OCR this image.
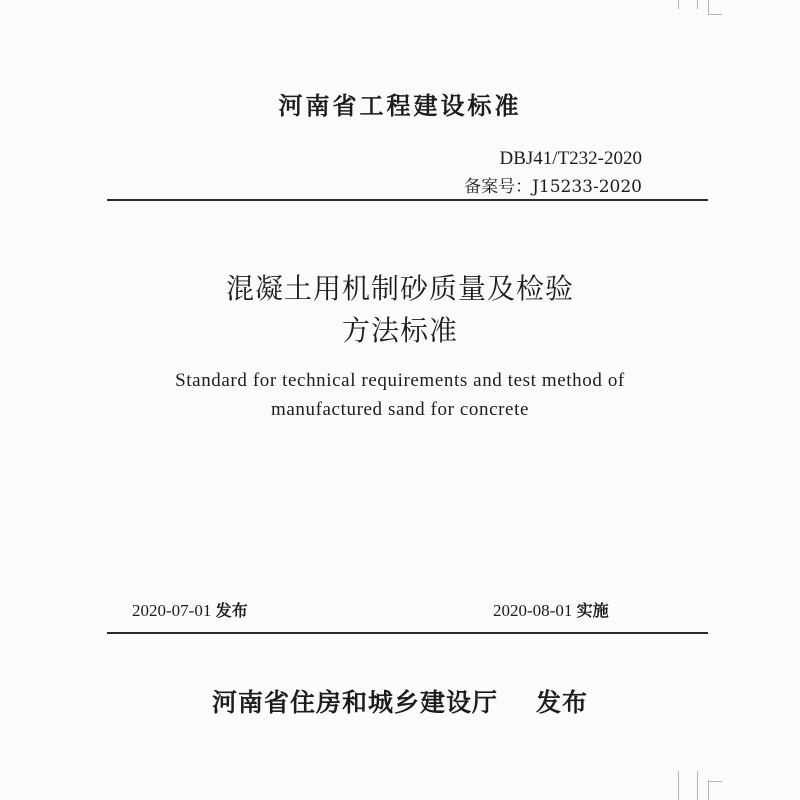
河南省工程建设标准
DBJ41/T232-2020
备案号：J15233-2020
混凝土用机制砂质量及检验
方法标准
Standard for technical requirements and test method of
manufactured sand for concrete
2020-07-01 发布	2020-08-01 实施
河南省住房和城乡建设厅 发布
